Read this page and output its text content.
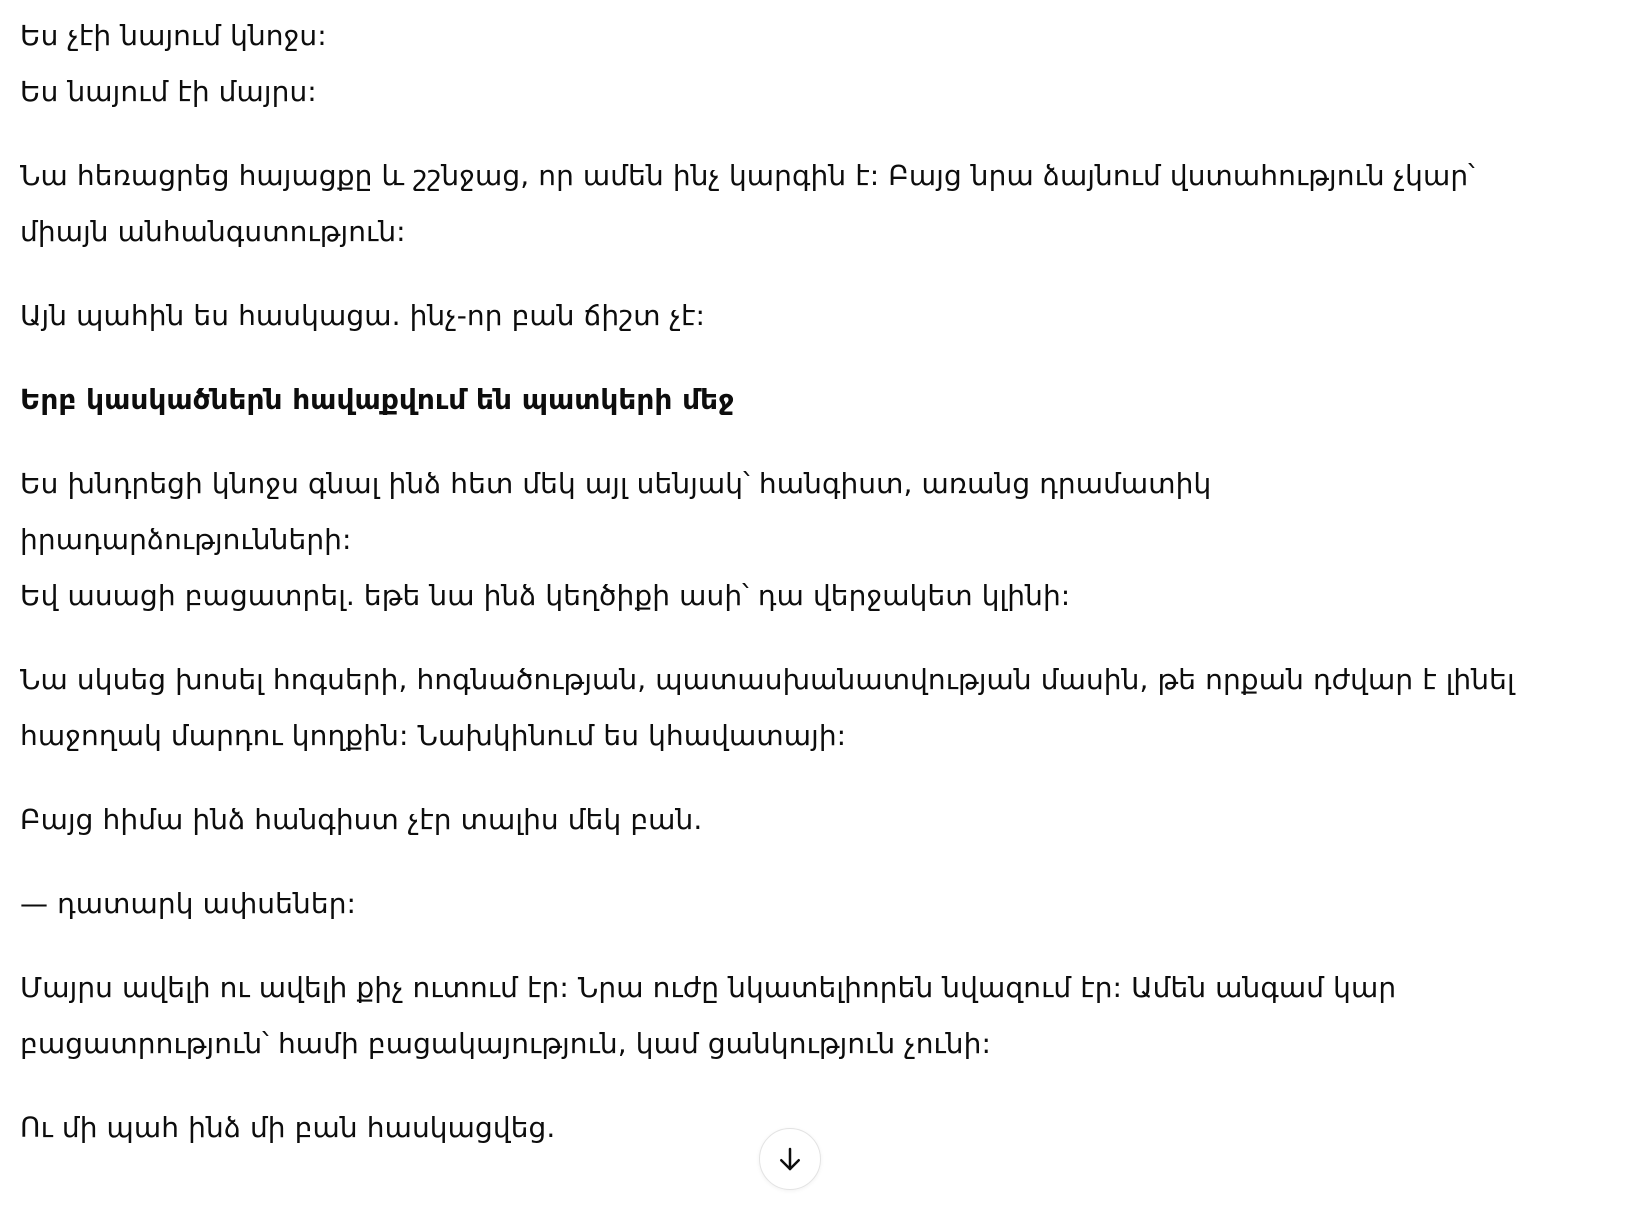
Ես չէի նայում կնոջս:
Ես նայում էի մայրս:
Նա հեռացրեց հայացքը և շշնջաց, որ ամեն ինչ կարգին է: Բայց նրա ձայնում վստահություն չկար՝
միայն անհանգստություն:
Այն պահին ես հասկացա. ինչ-որ բան ճիշտ չէ:
Երբ կասկածներն հավաքվում են պատկերի մեջ
Ես խնդրեցի կնոջս գնալ ինձ հետ մեկ այլ սենյակ՝ հանգիստ, առանց դրամատիկ
իրադարձությունների:
Եվ ասացի բացատրել. եթե նա ինձ կեղծիքի ասի՝ դա վերջակետ կլինի:
Նա սկսեց խոսել հոգսերի, հոգնածության, պատասխանատվության մասին, թե որքան դժվար է լինել
հաջողակ մարդու կողքին: Նախկինում ես կհավատայի:
Բայց հիմա ինձ հանգիստ չէր տալիս մեկ բան.
— դատարկ ափսեներ:
Մայրս ավելի ու ավելի քիչ ուտում էր: Նրա ուժը նկատելիորեն նվազում էր: Ամեն անգամ կար
բացատրություն՝ համի բացակայություն, կամ ցանկություն չունի:
Ու մի պահ ինձ մի բան հասկացվեց.
